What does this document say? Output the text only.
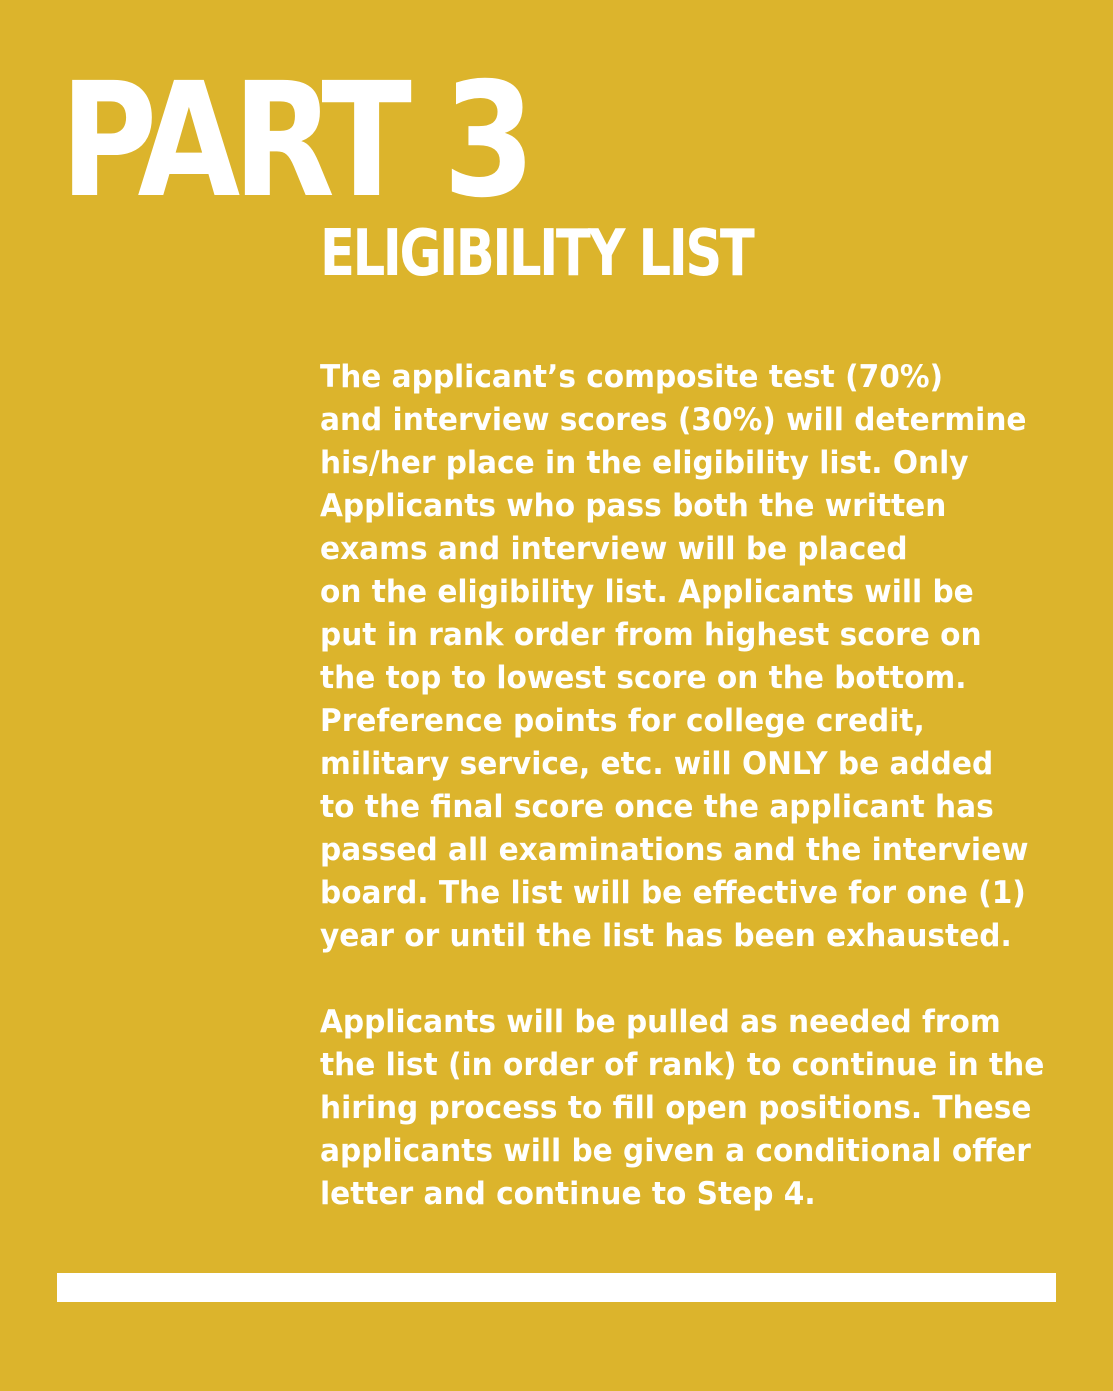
PART 3
ELIGIBILITY LIST

The applicant’s composite test (70%)
and interview scores (30%) will determine
his/her place in the eligibility list. Only
Applicants who pass both the written
exams and interview will be placed
on the eligibility list. Applicants will be
put in rank order from highest score on
the top to lowest score on the bottom.
Preference points for college credit,
military service, etc. will ONLY be added
to the final score once the applicant has
passed all examinations and the interview
board. The list will be effective for one (1)
year or until the list has been exhausted.

Applicants will be pulled as needed from
the list (in order of rank) to continue in the
hiring process to fill open positions. These
applicants will be given a conditional offer
letter and continue to Step 4.
